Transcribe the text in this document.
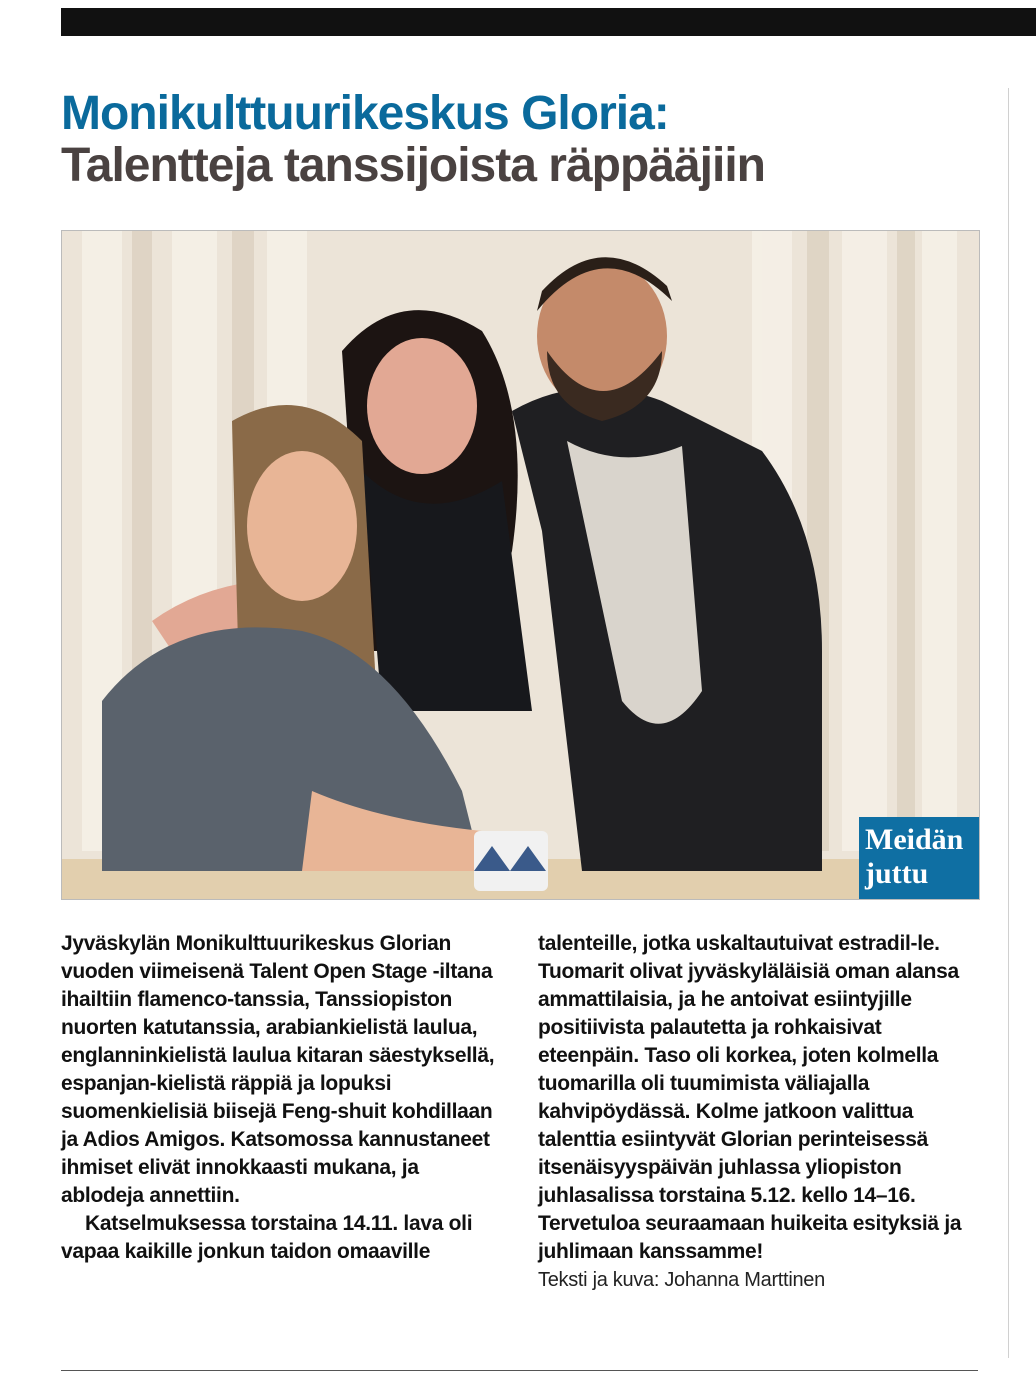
Monikulttuurikeskus Gloria:
Talentteja tanssijoista räppääjiin
Meidän
juttu

Jyväskylän Monikulttuurikeskus Glorian vuoden viimeisenä Talent Open Stage -iltana ihailtiin flamenco-tanssia, Tanssiopiston nuorten katutanssia, arabiankielistä laulua, englanninkielistä laulua kitaran säestyksellä, espanjan-kielistä räppiä ja lopuksi suomenkielisiä biisejä Feng-shuit kohdillaan ja Adios Amigos. Katsomossa kannustaneet ihmiset elivät innokkaasti mukana, ja ablodeja annettiin.

Katselmuksessa torstaina 14.11. lava oli vapaa kaikille jonkun taidon omaaville

talenteille, jotka uskaltautuivat estradil-le. Tuomarit olivat jyväskyläläisiä oman alansa ammattilaisia, ja he antoivat esiintyjille positiivista palautetta ja rohkaisivat eteenpäin. Taso oli korkea, joten kolmella tuomarilla oli tuumimista väliajalla kahvipöydässä. Kolme jatkoon valittua talenttia esiintyvät Glorian perinteisessä itsenäisyyspäivän juhlassa yliopiston juhlasalissa torstaina 5.12. kello 14–16. Tervetuloa seuraamaan huikeita esityksiä ja juhlimaan kanssamme!

Teksti ja kuva: Johanna Marttinen
